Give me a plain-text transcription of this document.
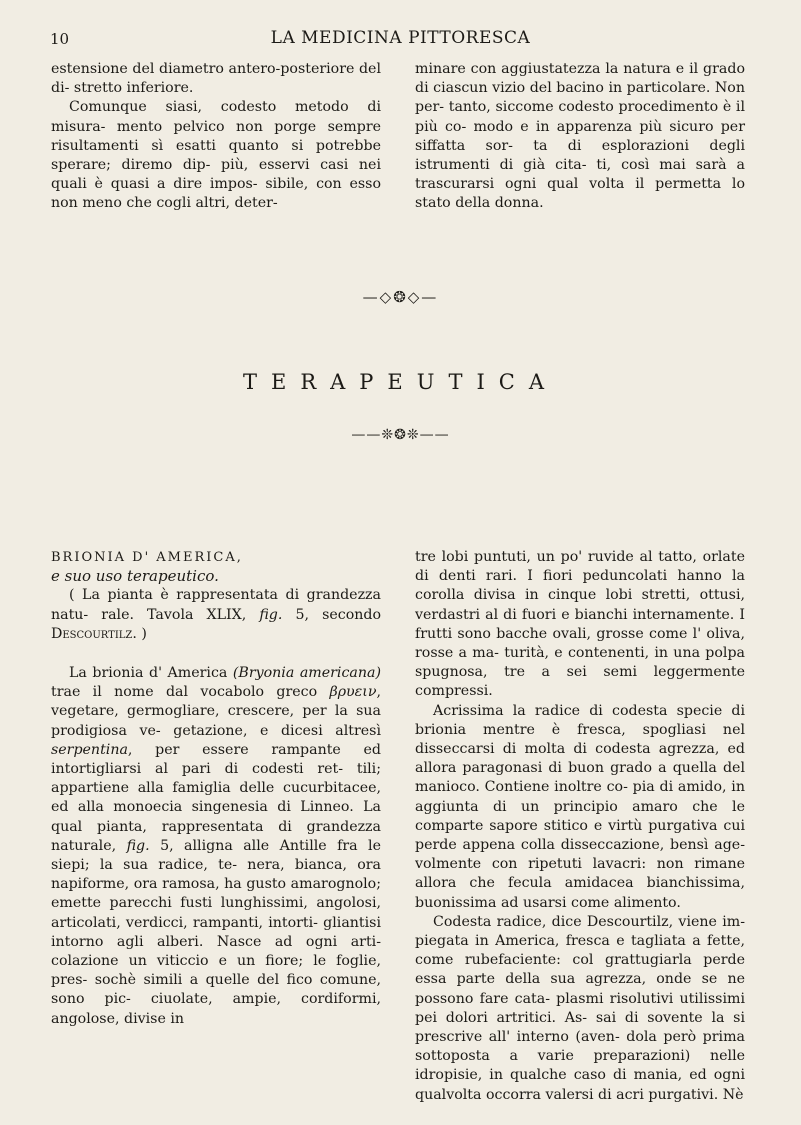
10	LA MEDICINA PITTORESCA

estensione del diametro antero-posteriore del di- stretto inferiore.

Comunque siasi, codesto metodo di misura- mento pelvico non porge sempre risultamenti sì esatti quanto si potrebbe sperare; diremo dip- più, esservi casi nei quali è quasi a dire impos- sibile, con esso non meno che cogli altri, deter-

minare con aggiustatezza la natura e il grado di ciascun vizio del bacino in particolare. Non per- tanto, siccome codesto procedimento è il più co- modo e in apparenza più sicuro per siffatta sor- ta di esplorazioni degli istrumenti di già cita- ti, così mai sarà a trascurarsi ogni qual volta il permetta lo stato della donna.

—◇❂◇—
TERAPEUTICA
——❊❂❊——

BRIONIA D' AMERICA,

e suo uso terapeutico.

( La pianta è rappresentata di grandezza natu- rale. Tavola XLIX, fig. 5, secondo Descourtilz. )

La brionia d' America (Bryonia americana) trae il nome dal vocabolo greco βρυειν, vegetare, germogliare, crescere, per la sua prodigiosa ve- getazione, e dicesi altresì serpentina, per essere rampante ed intortigliarsi al pari di codesti ret- tili; appartiene alla famiglia delle cucurbitacee, ed alla monoecia singenesia di Linneo. La qual pianta, rappresentata di grandezza naturale, fig. 5, alligna alle Antille fra le siepi; la sua radice, te- nera, bianca, ora napiforme, ora ramosa, ha gusto amarognolo; emette parecchi fusti lunghissimi, angolosi, articolati, verdicci, rampanti, intorti- gliantisi intorno agli alberi. Nasce ad ogni arti- colazione un viticcio e un fiore; le foglie, pres- sochè simili a quelle del fico comune, sono pic- ciuolate, ampie, cordiformi, angolose, divise in

tre lobi puntuti, un po' ruvide al tatto, orlate di denti rari. I fiori peduncolati hanno la corolla divisa in cinque lobi stretti, ottusi, verdastri al di fuori e bianchi internamente. I frutti sono bacche ovali, grosse come l' oliva, rosse a ma- turità, e contenenti, in una polpa spugnosa, tre a sei semi leggermente compressi.

Acrissima la radice di codesta specie di brionia mentre è fresca, spogliasi nel disseccarsi di molta di codesta agrezza, ed allora paragonasi di buon grado a quella del manioco. Contiene inoltre co- pia di amido, in aggiunta di un principio amaro che le comparte sapore stitico e virtù purgativa cui perde appena colla disseccazione, bensì age- volmente con ripetuti lavacri: non rimane allora che fecula amidacea bianchissima, buonissima ad usarsi come alimento.

Codesta radice, dice Descourtilz, viene im- piegata in America, fresca e tagliata a fette, come rubefaciente: col grattugiarla perde essa parte della sua agrezza, onde se ne possono fare cata- plasmi risolutivi utilissimi pei dolori artritici. As- sai di sovente la si prescrive all' interno (aven- dola però prima sottoposta a varie preparazioni) nelle idropisie, in qualche caso di mania, ed ogni qualvolta occorra valersi di acri purgativi. Nè
